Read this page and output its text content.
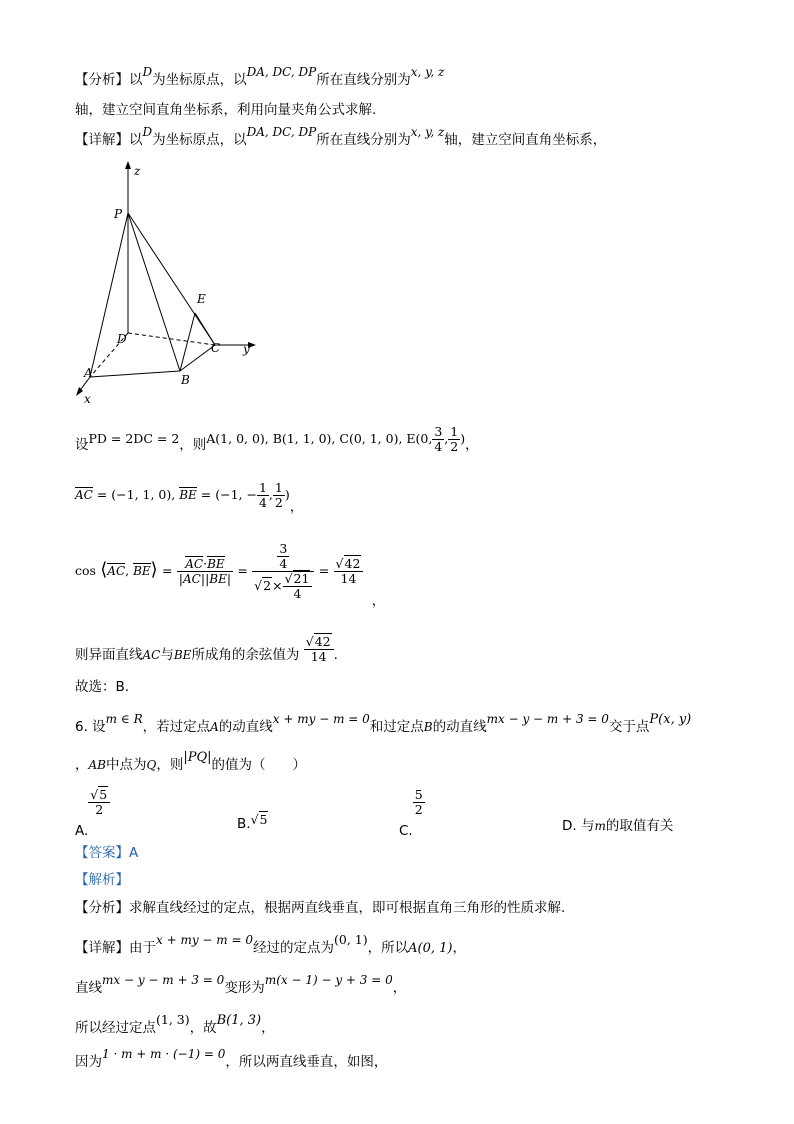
【分析】以D为坐标原点，以DA, DC, DP所在直线分别为x, y, z
轴，建立空间直角坐标系，利用向量夹角公式求解.
【详解】以D为坐标原点，以DA, DC, DP所在直线分别为x, y, z轴，建立空间直角坐标系，
z
P
E
D
C y
A	B
x
设PD = 2DC = 2，则A(1, 0, 0), B(1, 1, 0), C(0, 1, 0), E(0, $\frac{3}{4}$ , $\frac{1}{2}$ )，
AC = (−1, 1, 0), BE = (−1, − $\frac{1}{4}$ , $\frac{1}{2}$ )，
cos ⟨AC, BE⟩ = $\frac{AC\cdot BE}{|AC||BE|} = \frac{\frac{3}{4}}{√2\times \frac{√21}{4}} = \frac{√42}{14}$
，
则异面直线AC与BE所成角的余弦值为 $\frac{√42}{14}$ .
故选：B.
6. 设m ∈ R，若过定点A的动直线x + my − m = 0和过定点B的动直线mx − y − m + 3 = 0交于点P(x, y)
，AB中点为Q，则|PQ|的值为（　　）
A.
$\frac{√5}{2}$
B.√5
C.
$\frac{5}{2}$
D. 与m的取值有关
【答案】A
【解析】
【分析】求解直线经过的定点，根据两直线垂直，即可根据直角三角形的性质求解.
【详解】由于x + my − m = 0经过的定点为(0, 1)，所以A(0, 1)，
直线mx − y − m + 3 = 0变形为m(x − 1) − y + 3 = 0，
所以经过定点(1, 3)，故B(1, 3)，
因为1 · m + m · (−1) = 0，所以两直线垂直，如图，
